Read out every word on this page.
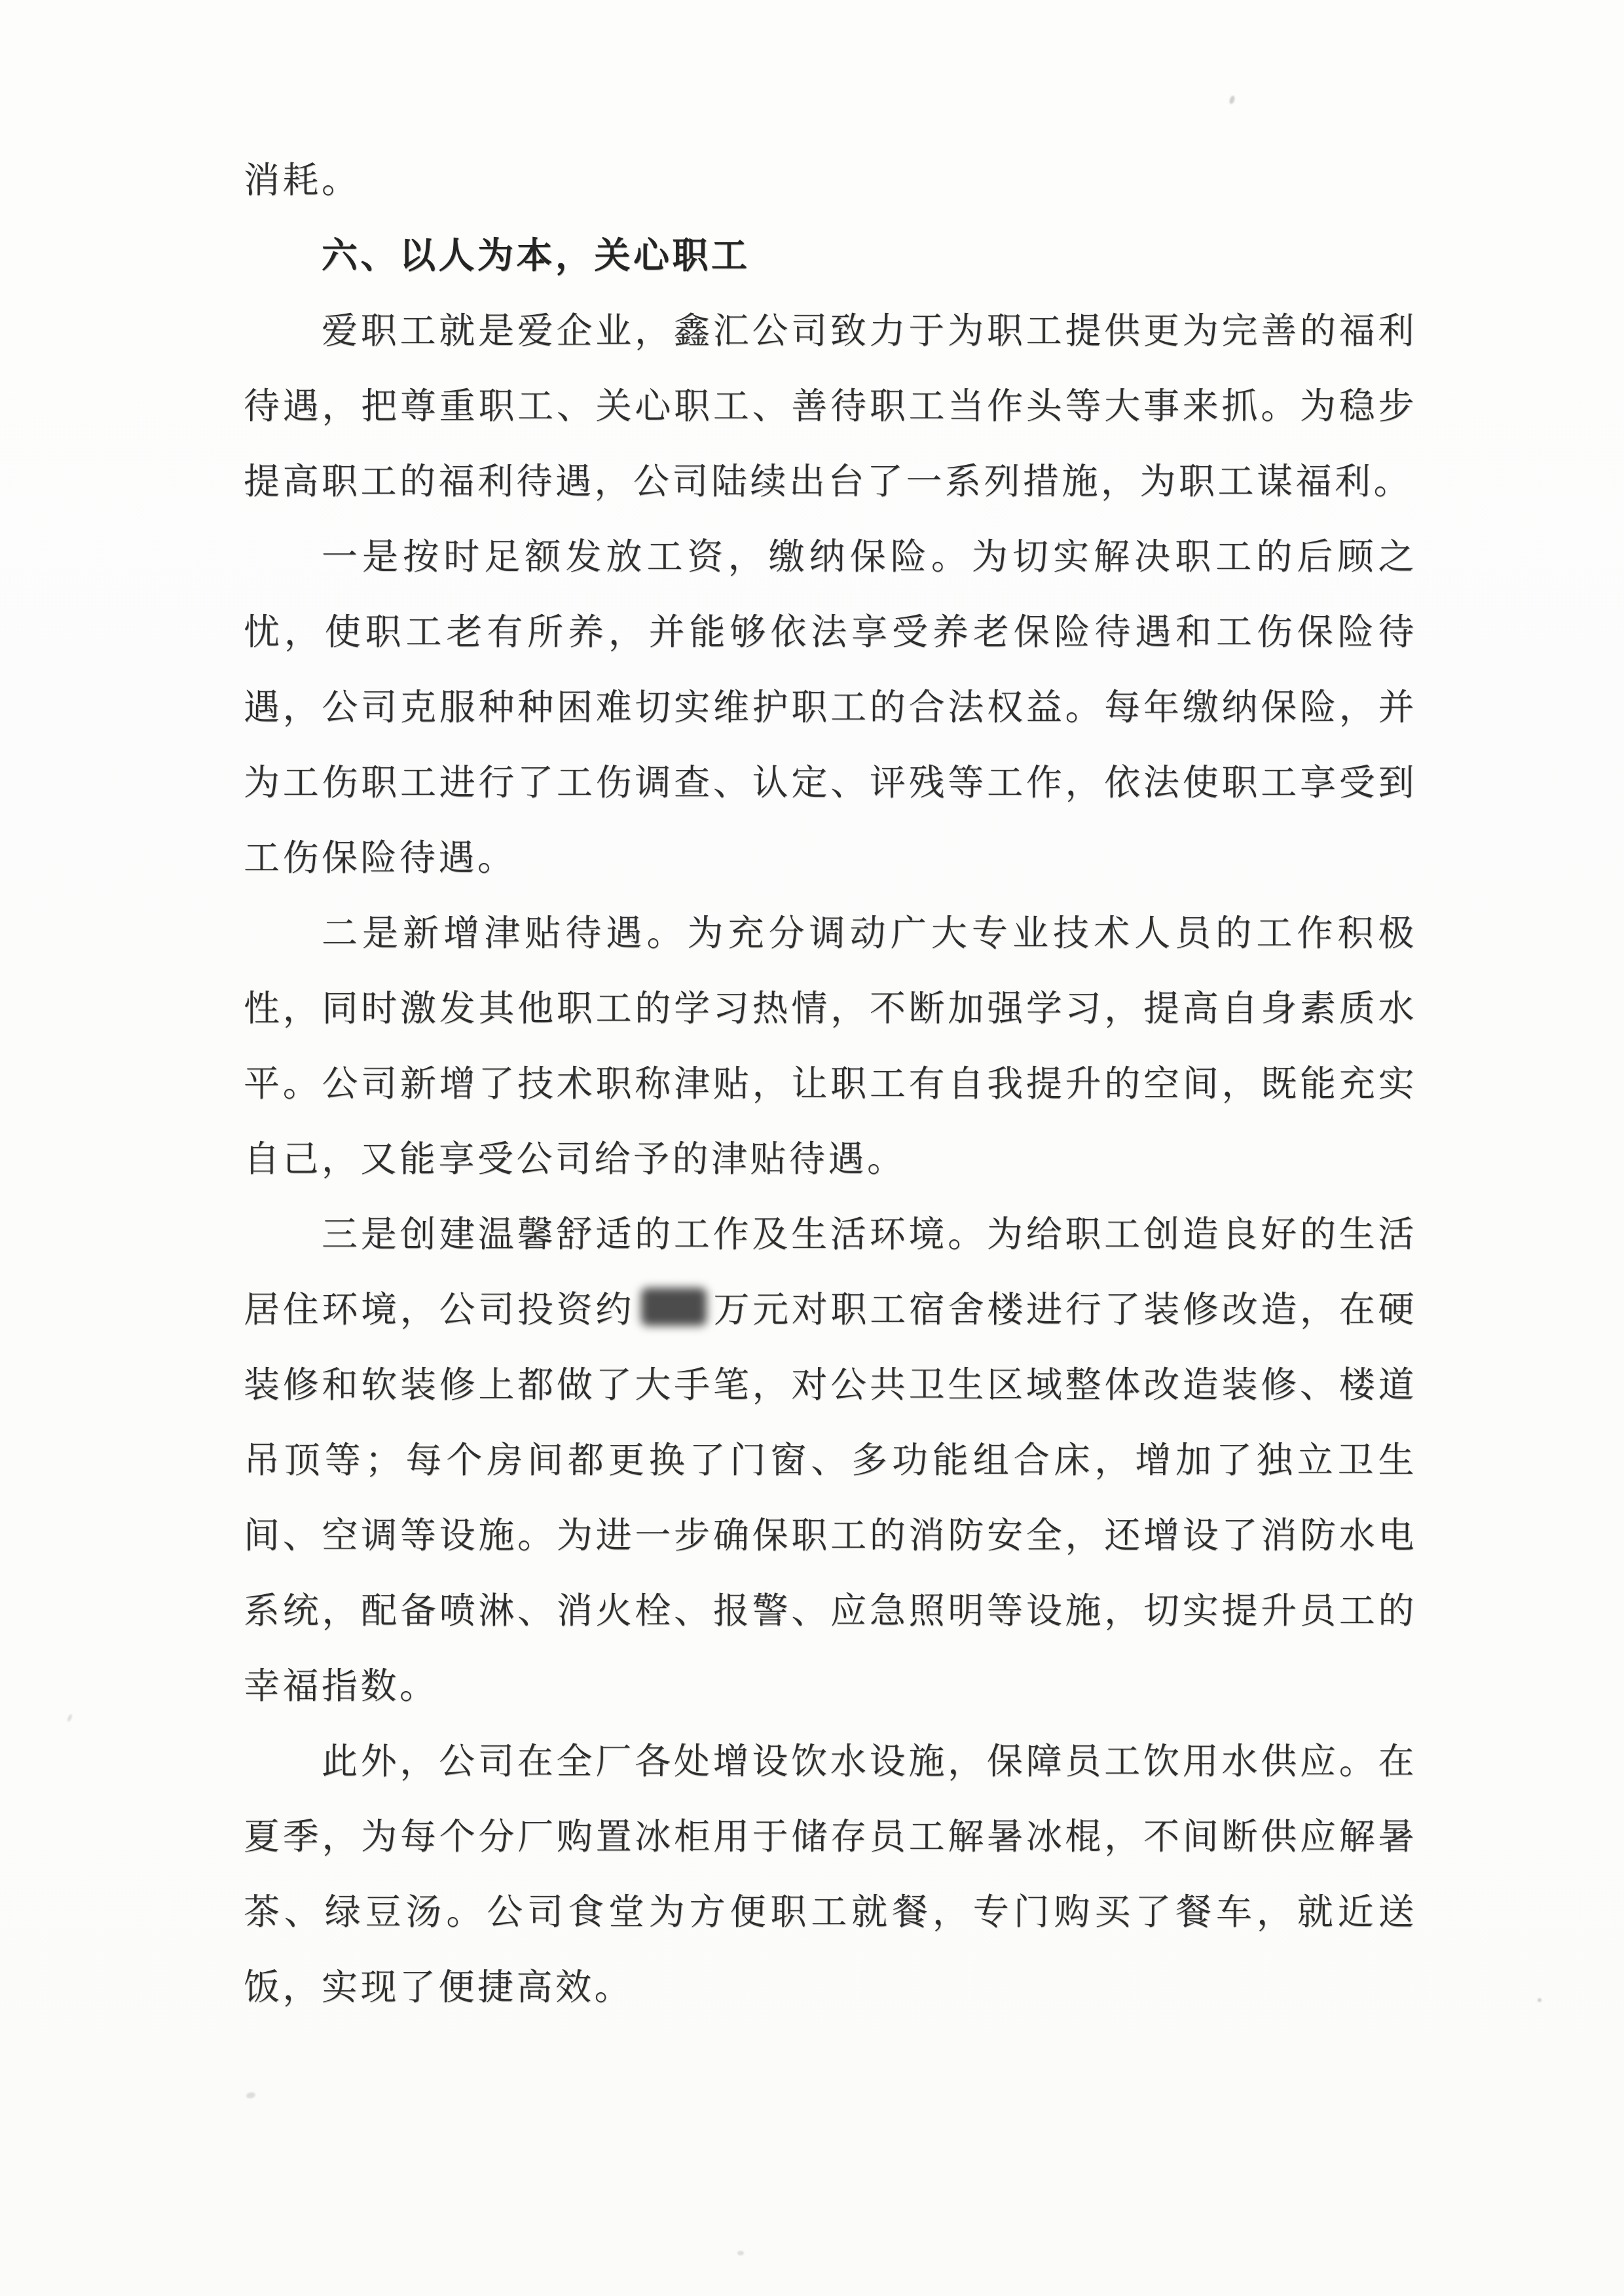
消耗。

六、以人为本，关心职工

爱职工就是爱企业，鑫汇公司致力于为职工提供更为完善的福利待遇，把尊重职工、关心职工、善待职工当作头等大事来抓。为稳步提高职工的福利待遇，公司陆续出台了一系列措施，为职工谋福利。

一是按时足额发放工资，缴纳保险。为切实解决职工的后顾之忧，使职工老有所养，并能够依法享受养老保险待遇和工伤保险待遇，公司克服种种困难切实维护职工的合法权益。每年缴纳保险，并为工伤职工进行了工伤调查、认定、评残等工作，依法使职工享受到工伤保险待遇。

二是新增津贴待遇。为充分调动广大专业技术人员的工作积极性，同时激发其他职工的学习热情，不断加强学习，提高自身素质水平。公司新增了技术职称津贴，让职工有自我提升的空间，既能充实自己，又能享受公司给予的津贴待遇。

三是创建温馨舒适的工作及生活环境。为给职工创造良好的生活居住环境，公司投资约 万元对职工宿舍楼进行了装修改造，在硬装修和软装修上都做了大手笔，对公共卫生区域整体改造装修、楼道吊顶等；每个房间都更换了门窗、多功能组合床，增加了独立卫生间、空调等设施。为进一步确保职工的消防安全，还增设了消防水电系统，配备喷淋、消火栓、报警、应急照明等设施，切实提升员工的幸福指数。

此外，公司在全厂各处增设饮水设施，保障员工饮用水供应。在夏季，为每个分厂购置冰柜用于储存员工解暑冰棍，不间断供应解暑茶、绿豆汤。公司食堂为方便职工就餐，专门购买了餐车，就近送饭，实现了便捷高效。
